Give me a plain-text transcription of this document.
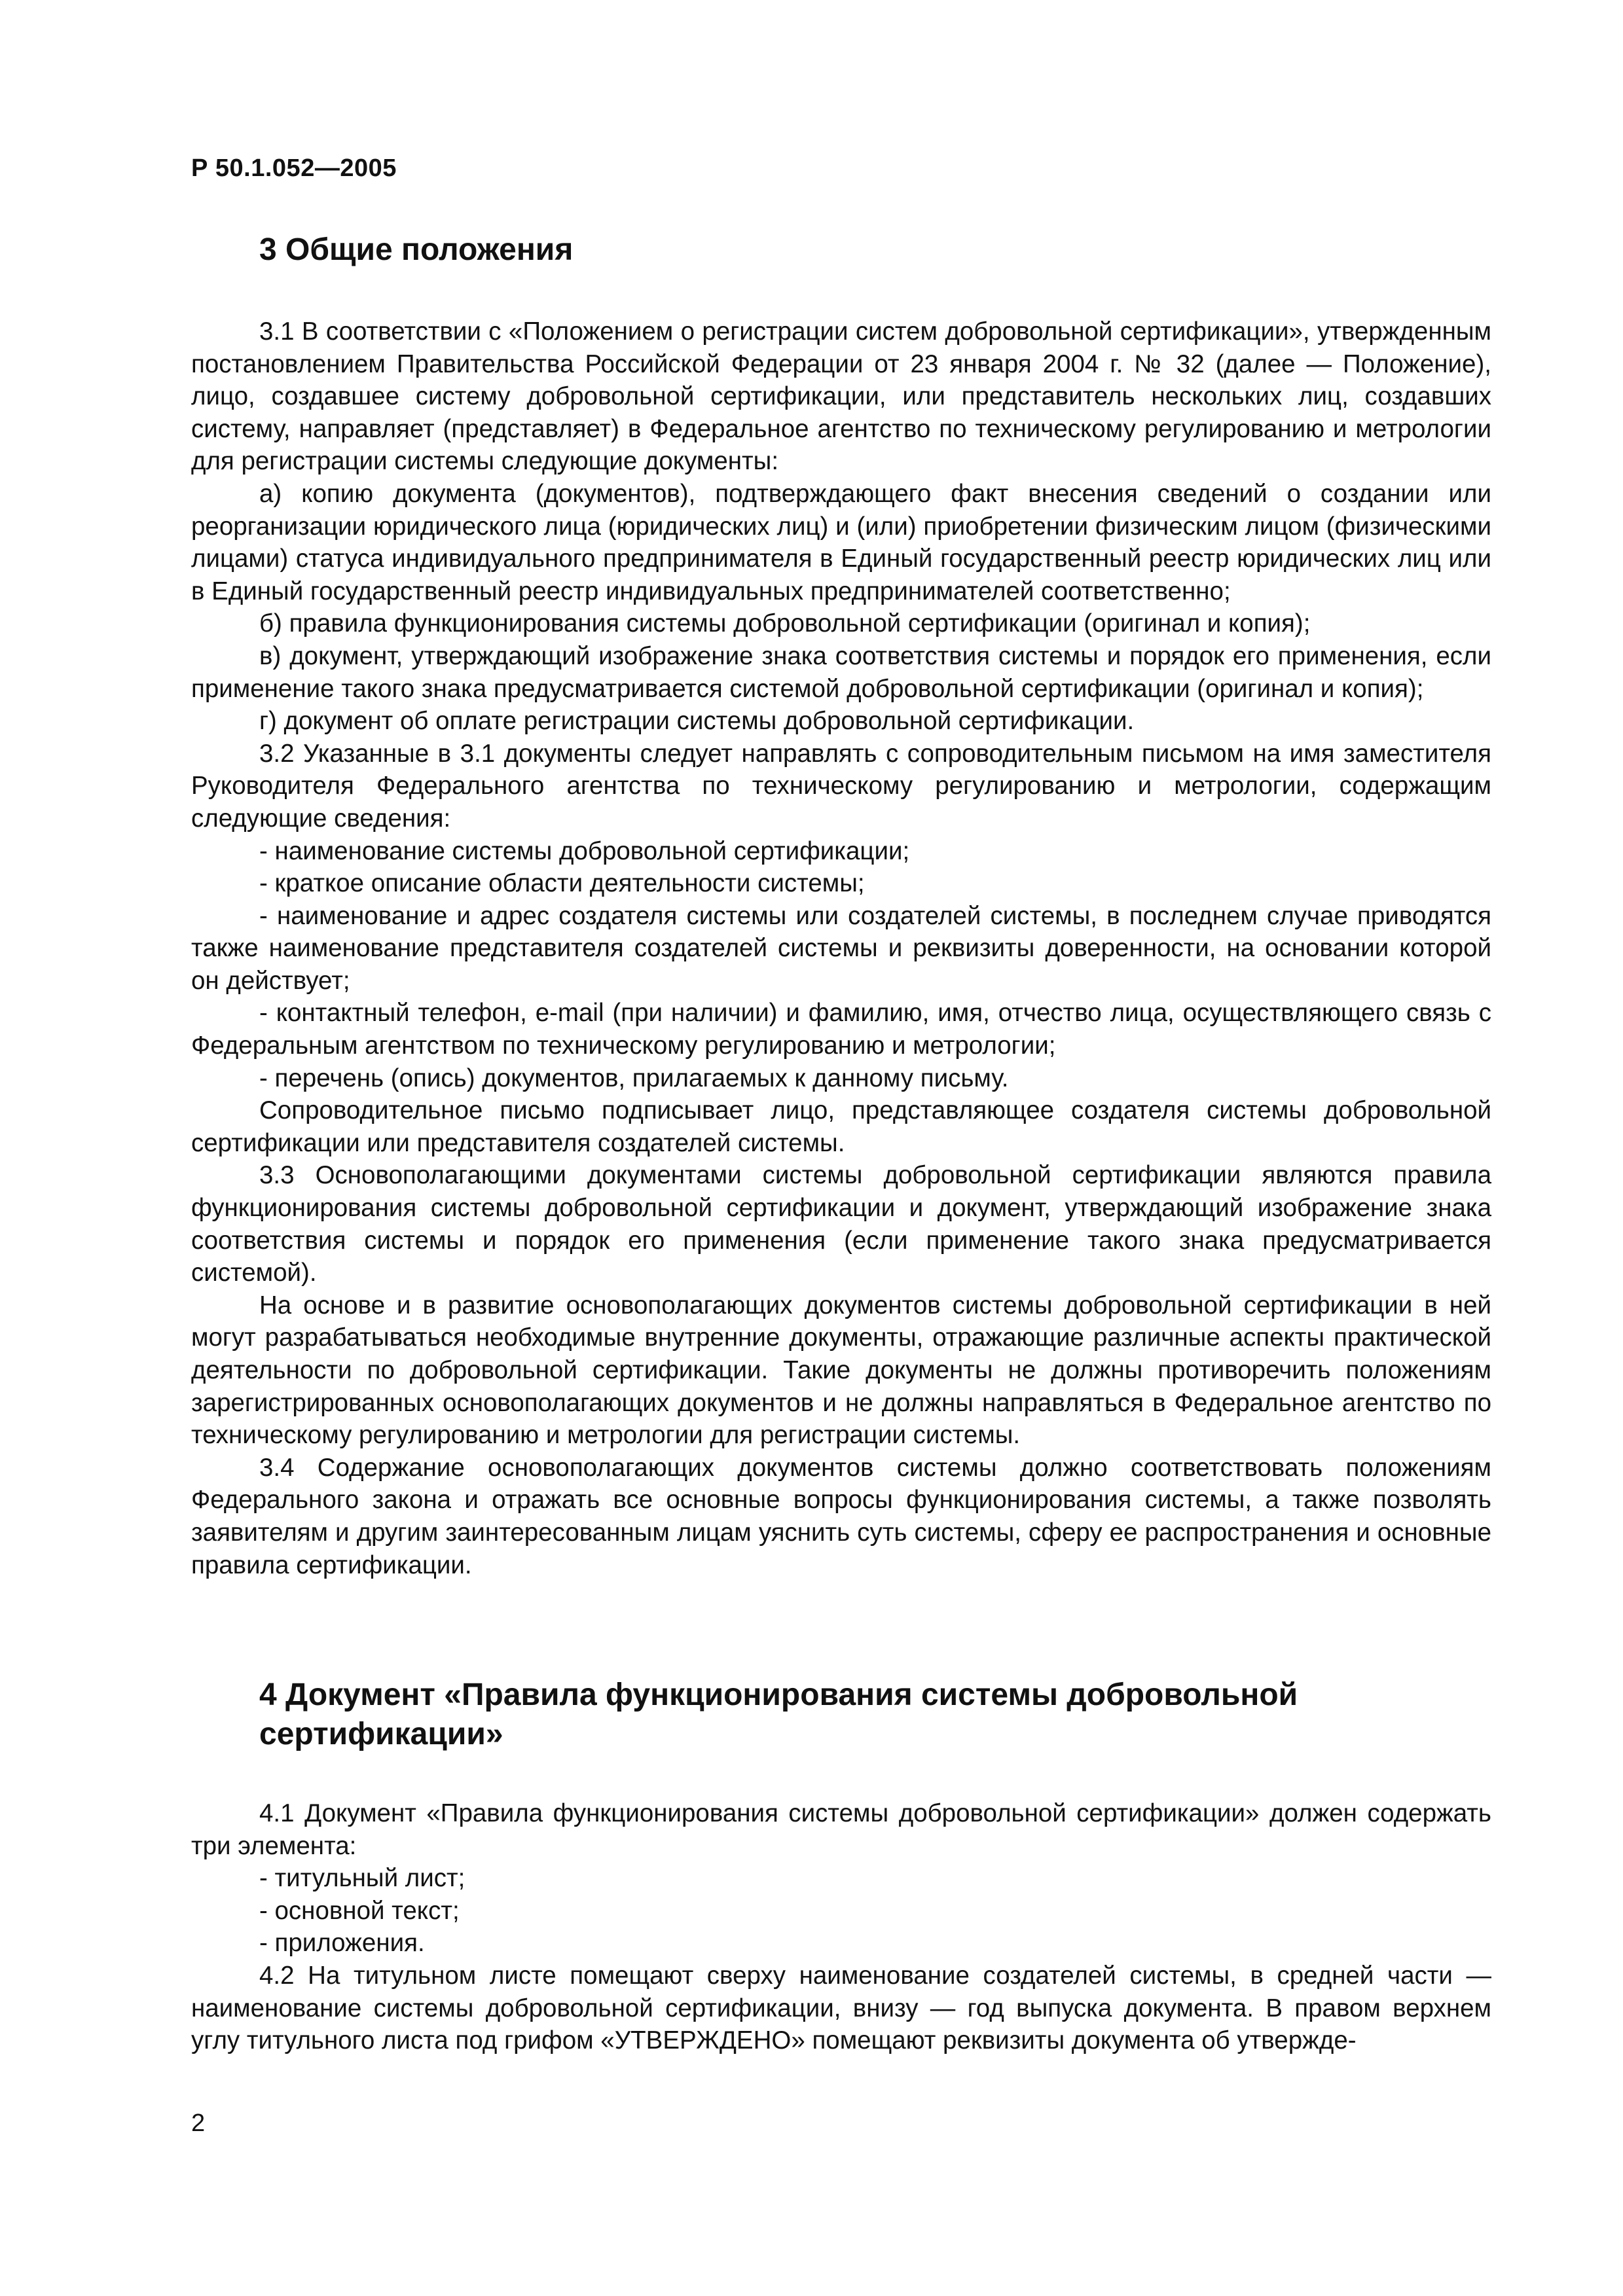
Р 50.1.052—2005
3 Общие положения

3.1 В соответствии с «Положением о регистрации систем добровольной сертификации», утвержденным постановлением Правительства Российской Федерации от 23 января 2004 г. № 32 (далее — Положение), лицо, создавшее систему добровольной сертификации, или представитель нескольких лиц, создавших систему, направляет (представляет) в Федеральное агентство по техническому регулированию и метрологии для регистрации системы следующие документы:

а) копию документа (документов), подтверждающего факт внесения сведений о создании или реорганизации юридического лица (юридических лиц) и (или) приобретении физическим лицом (физическими лицами) статуса индивидуального предпринимателя в Единый государственный реестр юридических лиц или в Единый государственный реестр индивидуальных предпринимателей соответственно;

б) правила функционирования системы добровольной сертификации (оригинал и копия);

в) документ, утверждающий изображение знака соответствия системы и порядок его применения, если применение такого знака предусматривается системой добровольной сертификации (оригинал и копия);

г) документ об оплате регистрации системы добровольной сертификации.

3.2 Указанные в 3.1 документы следует направлять с сопроводительным письмом на имя заместителя Руководителя Федерального агентства по техническому регулированию и метрологии, содержащим следующие сведения:

- наименование системы добровольной сертификации;

- краткое описание области деятельности системы;

- наименование и адрес создателя системы или создателей системы, в последнем случае приводятся также наименование представителя создателей системы и реквизиты доверенности, на основании которой он действует;

- контактный телефон, e-mail (при наличии) и фамилию, имя, отчество лица, осуществляющего связь с Федеральным агентством по техническому регулированию и метрологии;

- перечень (опись) документов, прилагаемых к данному письму.

Сопроводительное письмо подписывает лицо, представляющее создателя системы добровольной сертификации или представителя создателей системы.

3.3 Основополагающими документами системы добровольной сертификации являются правила функционирования системы добровольной сертификации и документ, утверждающий изображение знака соответствия системы и порядок его применения (если применение такого знака предусматривается системой).

На основе и в развитие основополагающих документов системы добровольной сертификации в ней могут разрабатываться необходимые внутренние документы, отражающие различные аспекты практической деятельности по добровольной сертификации. Такие документы не должны противоречить положениям зарегистрированных основополагающих документов и не должны направляться в Федеральное агентство по техническому регулированию и метрологии для регистрации системы.

3.4 Содержание основополагающих документов системы должно соответствовать положениям Федерального закона и отражать все основные вопросы функционирования системы, а также позволять заявителям и другим заинтересованным лицам уяснить суть системы, сферу ее распространения и основные правила сертификации.

4 Документ «Правила функционирования системы добровольной сертификации»

4.1 Документ «Правила функционирования системы добровольной сертификации» должен содержать три элемента:

- титульный лист;

- основной текст;

- приложения.

4.2 На титульном листе помещают сверху наименование создателей системы, в средней части — наименование системы добровольной сертификации, внизу — год выпуска документа. В правом верхнем углу титульного листа под грифом «УТВЕРЖДЕНО» помещают реквизиты документа об утвержде-

2
